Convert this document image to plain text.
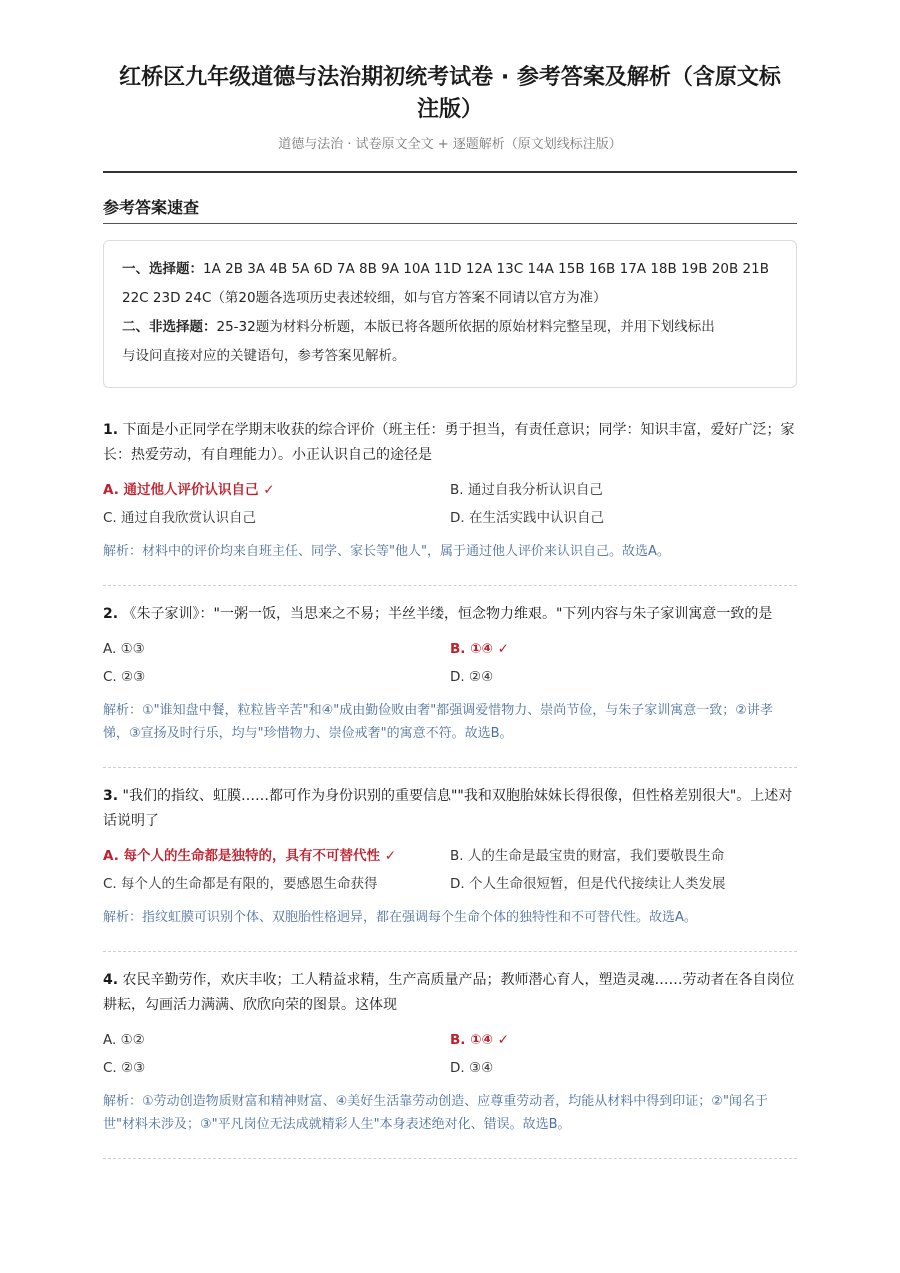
红桥区九年级道德与法治期初统考试卷 · 参考答案及解析（含原文标
注版）
道德与法治 · 试卷原文全文 + 逐题解析（原文划线标注版）
参考答案速查
一、选择题：1A 2B 3A 4B 5A 6D 7A 8B 9A 10A 11D 12A 13C 14A 15B 16B 17A 18B 19B 20B 21B
22C 23D 24C（第20题各选项历史表述较细，如与官方答案不同请以官方为准）
二、非选择题：25-32题为材料分析题，本版已将各题所依据的原始材料完整呈现，并用下划线标出
与设问直接对应的关键语句，参考答案见解析。
1. 下面是小正同学在学期末收获的综合评价（班主任：勇于担当，有责任意识；同学：知识丰富，爱好广泛；家长：热爱劳动，有自理能力）。小正认识自己的途径是
A. 通过他人评价认识自己 ✓	B. 通过自我分析认识自己
C. 通过自我欣赏认识自己	D. 在生活实践中认识自己
解析：材料中的评价均来自班主任、同学、家长等"他人"，属于通过他人评价来认识自己。故选A。
2. 《朱子家训》："一粥一饭，当思来之不易；半丝半缕，恒念物力维艰。"下列内容与朱子家训寓意一致的是
A. ①③	B. ①④ ✓
C. ②③	D. ②④
解析：①"谁知盘中餐，粒粒皆辛苦"和④"成由勤俭败由奢"都强调爱惜物力、崇尚节俭，与朱子家训寓意一致；②讲孝悌，③宣扬及时行乐，均与"珍惜物力、崇俭戒奢"的寓意不符。故选B。
3. "我们的指纹、虹膜……都可作为身份识别的重要信息""我和双胞胎妹妹长得很像，但性格差别很大"。上述对话说明了
A. 每个人的生命都是独特的，具有不可替代性 ✓	B. 人的生命是最宝贵的财富，我们要敬畏生命
C. 每个人的生命都是有限的，要感恩生命获得	D. 个人生命很短暂，但是代代接续让人类发展
解析：指纹虹膜可识别个体、双胞胎性格迥异，都在强调每个生命个体的独特性和不可替代性。故选A。
4. 农民辛勤劳作，欢庆丰收；工人精益求精，生产高质量产品；教师潜心育人，塑造灵魂……劳动者在各自岗位耕耘，勾画活力满满、欣欣向荣的图景。这体现
A. ①②	B. ①④ ✓
C. ②③	D. ③④
解析：①劳动创造物质财富和精神财富、④美好生活靠劳动创造、应尊重劳动者，均能从材料中得到印证；②"闻名于世"材料未涉及；③"平凡岗位无法成就精彩人生"本身表述绝对化、错误。故选B。
